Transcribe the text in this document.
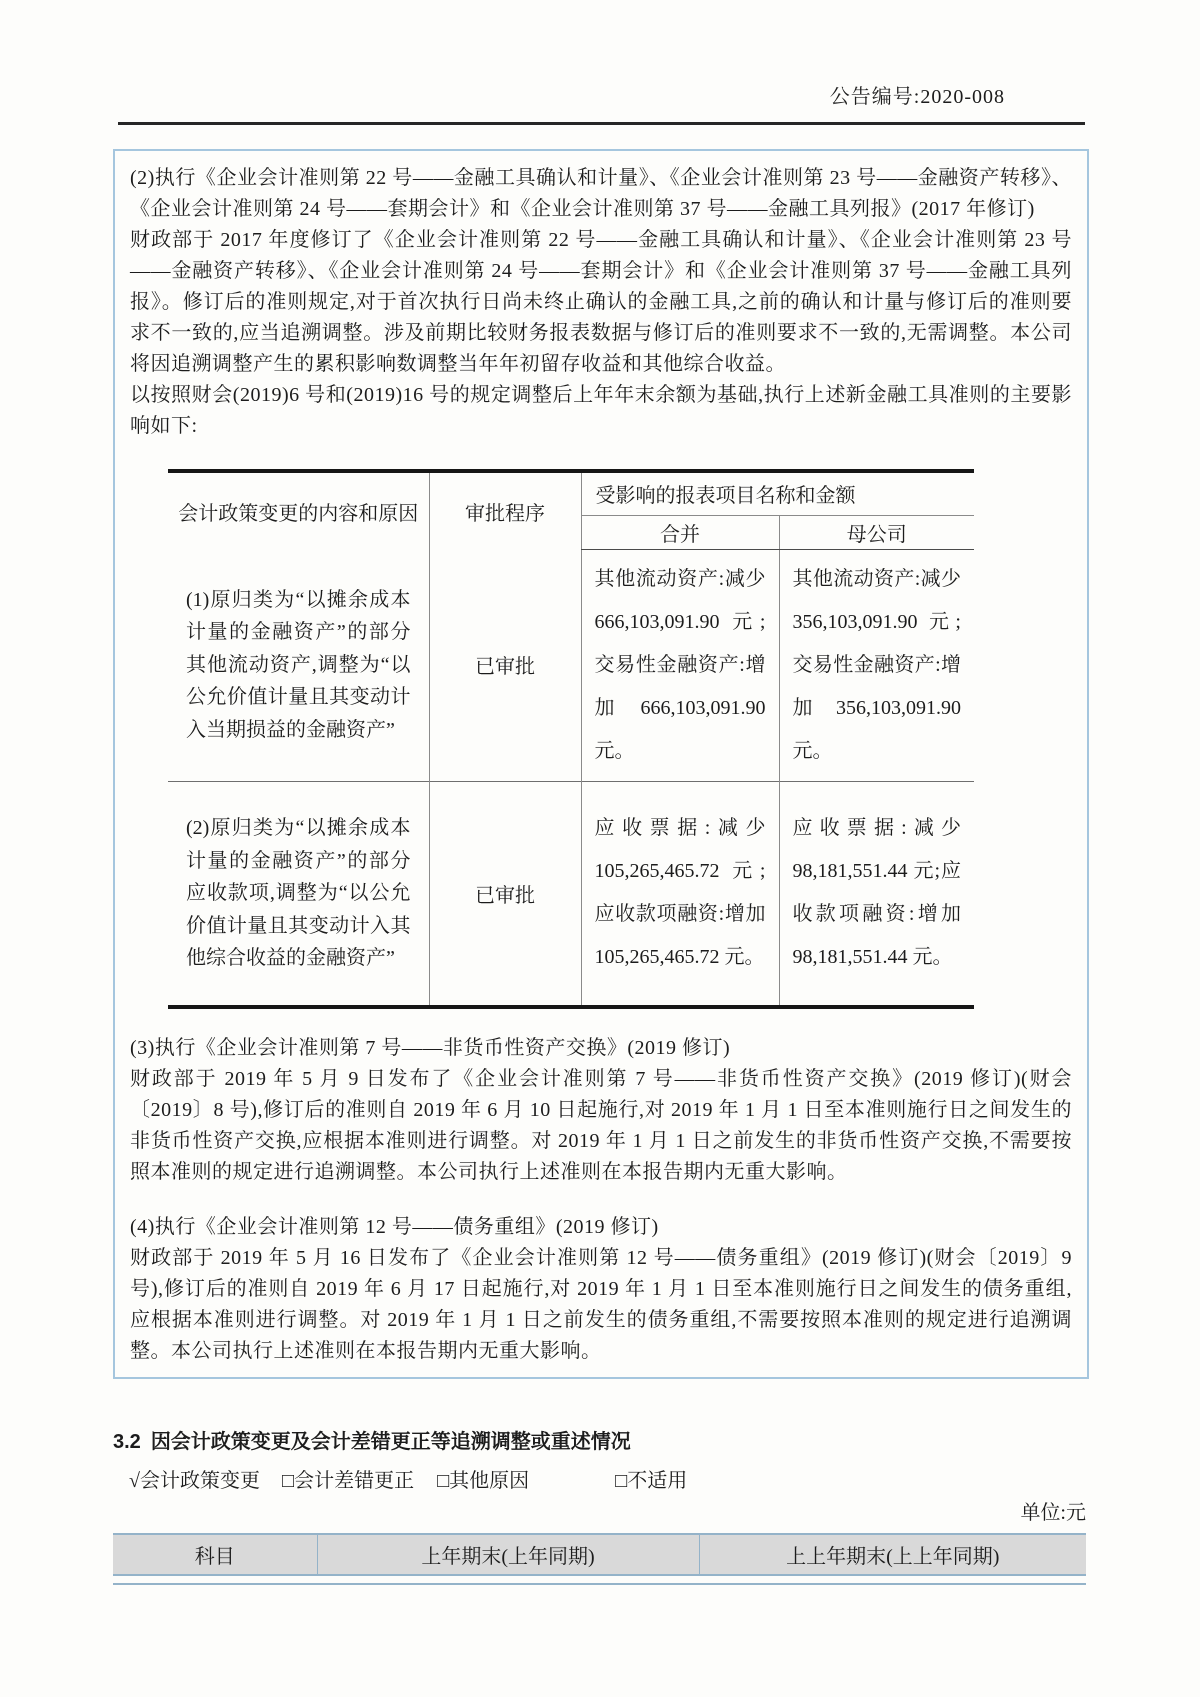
公告编号:2020-008

(2)执行《企业会计准则第 22 号——金融工具确认和计量》、《企业会计准则第 23 号——金融资产转移》、《企业会计准则第 24 号——套期会计》和《企业会计准则第 37 号——金融工具列报》(2017 年修订)

财政部于 2017 年度修订了《企业会计准则第 22 号——金融工具确认和计量》、《企业会计准则第 23 号——金融资产转移》、《企业会计准则第 24 号——套期会计》和《企业会计准则第 37 号——金融工具列报》。修订后的准则规定,对于首次执行日尚未终止确认的金融工具,之前的确认和计量与修订后的准则要求不一致的,应当追溯调整。涉及前期比较财务报表数据与修订后的准则要求不一致的,无需调整。本公司将因追溯调整产生的累积影响数调整当年年初留存收益和其他综合收益。

以按照财会(2019)6 号和(2019)16 号的规定调整后上年年末余额为基础,执行上述新金融工具准则的主要影响如下:

会计政策变更的内容和原因	审批程序	受影响的报表项目名称和金额	
		合并	母公司
(1)原归类为“以摊余成本计量的金融资产”的部分其他流动资产,调整为“以公允价值计量且其变动计入当期损益的金融资产”	已审批	其他流动资产:减少 666,103,091.90 元;交易性金融资产:增加 666,103,091.90 元。	其他流动资产:减少 356,103,091.90 元;交易性金融资产:增加 356,103,091.90 元。
(2)原归类为“以摊余成本计量的金融资产”的部分应收款项,调整为“以公允价值计量且其变动计入其他综合收益的金融资产”	已审批	应收票据:减少 105,265,465.72 元;应收款项融资:增加 105,265,465.72 元。	应收票据:减少 98,181,551.44 元;应收款项融资:增加 98,181,551.44 元。

(3)执行《企业会计准则第 7 号——非货币性资产交换》(2019 修订)

财政部于 2019 年 5 月 9 日发布了《企业会计准则第 7 号——非货币性资产交换》(2019 修订)(财会〔2019〕8 号),修订后的准则自 2019 年 6 月 10 日起施行,对 2019 年 1 月 1 日至本准则施行日之间发生的非货币性资产交换,应根据本准则进行调整。对 2019 年 1 月 1 日之前发生的非货币性资产交换,不需要按照本准则的规定进行追溯调整。本公司执行上述准则在本报告期内无重大影响。

(4)执行《企业会计准则第 12 号——债务重组》(2019 修订)

财政部于 2019 年 5 月 16 日发布了《企业会计准则第 12 号——债务重组》(2019 修订)(财会〔2019〕9 号),修订后的准则自 2019 年 6 月 17 日起施行,对 2019 年 1 月 1 日至本准则施行日之间发生的债务重组,应根据本准则进行调整。对 2019 年 1 月 1 日之前发生的债务重组,不需要按照本准则的规定进行追溯调整。本公司执行上述准则在本报告期内无重大影响。

3.2 因会计政策变更及会计差错更正等追溯调整或重述情况
√会计政策变更 □会计差错更正 □其他原因	□不适用
单位:元
科目	上年期末(上年同期)	上上年期末(上上年同期)
